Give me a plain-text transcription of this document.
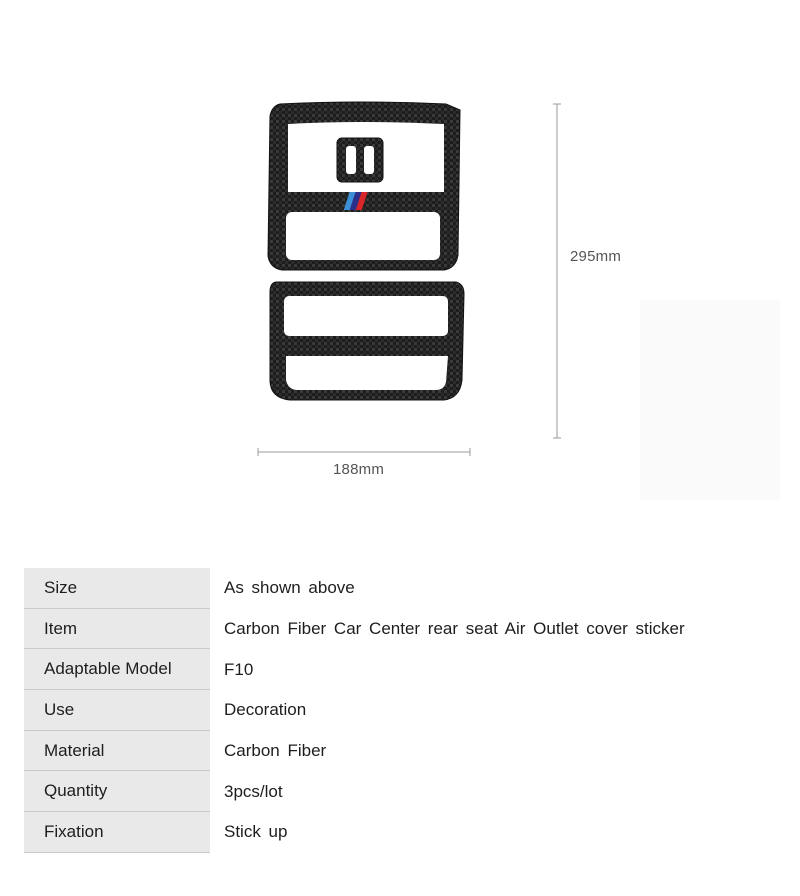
295mm
188mm
Size	As shown above
Item	Carbon Fiber Car Center rear seat Air Outlet cover sticker
Adaptable Model	F10
Use	Decoration
Material	Carbon Fiber
Quantity	3pcs/lot
Fixation	Stick up
